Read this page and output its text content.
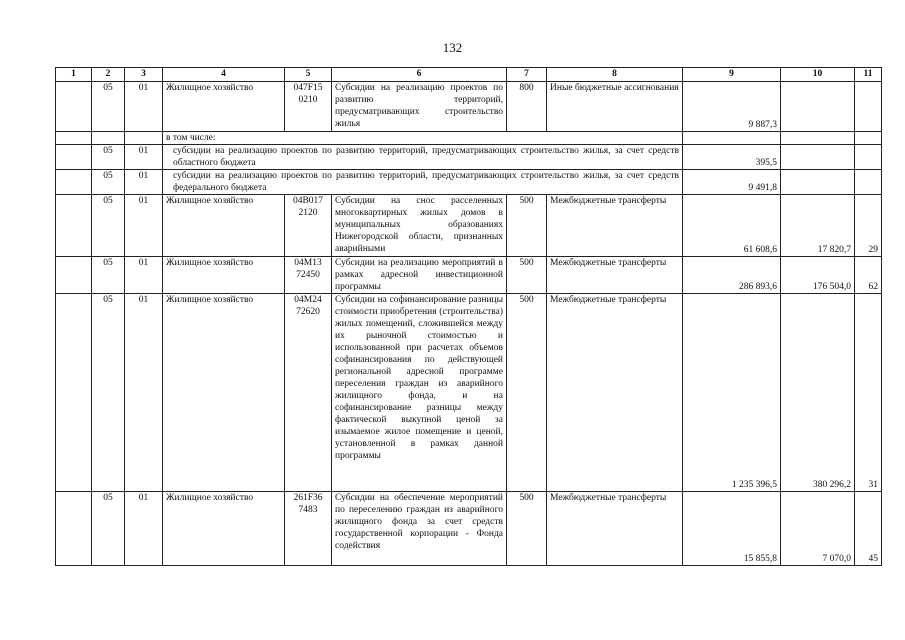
132
1	2	3	4	5	6	7	8	9	10	11
	05	01	Жилищное хозяйство	047F15 0210	Субсидии на реализацию проектов по развитию территорий, предусматривающих строительство жилья	800	Иные бюджетные ассигнования	9 887,3		
			в том числе:							
	05	01	субсидии на реализацию проектов по развитию территорий, предусматривающих строительство жилья, за счет средств областного бюджета					395,5		
	05	01	субсидии на реализацию проектов по развитию территорий, предусматривающих строительство жилья, за счет средств федерального бюджета					9 491,8		
	05	01	Жилищное хозяйство	04B017 2120	Субсидии на снос расселенных многоквартирных жилых домов в муниципальных образованиях Нижегородской области, признанных аварийными	500	Межбюджетные трансферты	61 608,6	17 820,7	29
	05	01	Жилищное хозяйство	04M13 72450	Субсидии на реализацию мероприятий в рамках адресной инвестиционной программы	500	Межбюджетные трансферты	286 893,6	176 504,0	62
	05	01	Жилищное хозяйство	04M24 72620	Субсидии на софинансирование разницы стоимости приобретения (строительства) жилых помещений, сложившейся между их рыночной стоимостью и использованной при расчетах объемов софинансирования по действующей региональной адресной программе переселения граждан из аварийного жилищного фонда, и на софинансирование разницы между фактической выкупной ценой за изымаемое жилое помещение и ценой, установленной в рамках данной программы	500	Межбюджетные трансферты	1 235 396,5	380 296,2	31
	05	01	Жилищное хозяйство	261F36 7483	Субсидии на обеспечение мероприятий по переселению граждан из аварийного жилищного фонда за счет средств государственной корпорации - Фонда содействия	500	Межбюджетные трансферты	15 855,8	7 070,0	45
